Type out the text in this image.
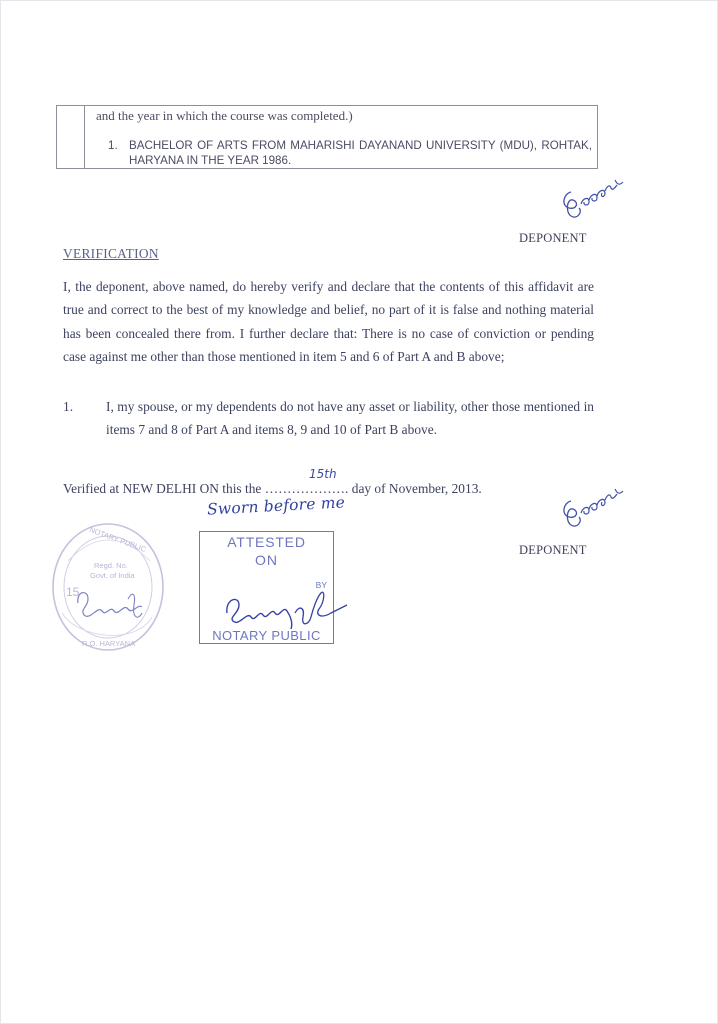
and the year in which the course was completed.)
1. BACHELOR OF ARTS FROM MAHARISHI DAYANAND UNIVERSITY (MDU), ROHTAK, HARYANA IN THE YEAR 1986.
DEPONENT
VERIFICATION
I, the deponent, above named, do hereby verify and declare that the contents of this affidavit are true and correct to the best of my knowledge and belief, no part of it is false and nothing material has been concealed there from. I further declare that: There is no case of conviction or pending case against me other than those mentioned in item 5 and 6 of Part A and B above;
1.	I, my spouse, or my dependents do not have any asset or liability, other those mentioned in items 7 and 8 of Part A and items 8, 9 and 10 of Part B above.
Verified at NEW DELHI ON this the ………………. day of November, 2013.
15th
Sworn before me
DEPONENT
NOTARY PUBLIC
Regd. No.
Govt. of India
15
R.O. HARYANA
ATTESTED
ON
BY
NOTARY PUBLIC
